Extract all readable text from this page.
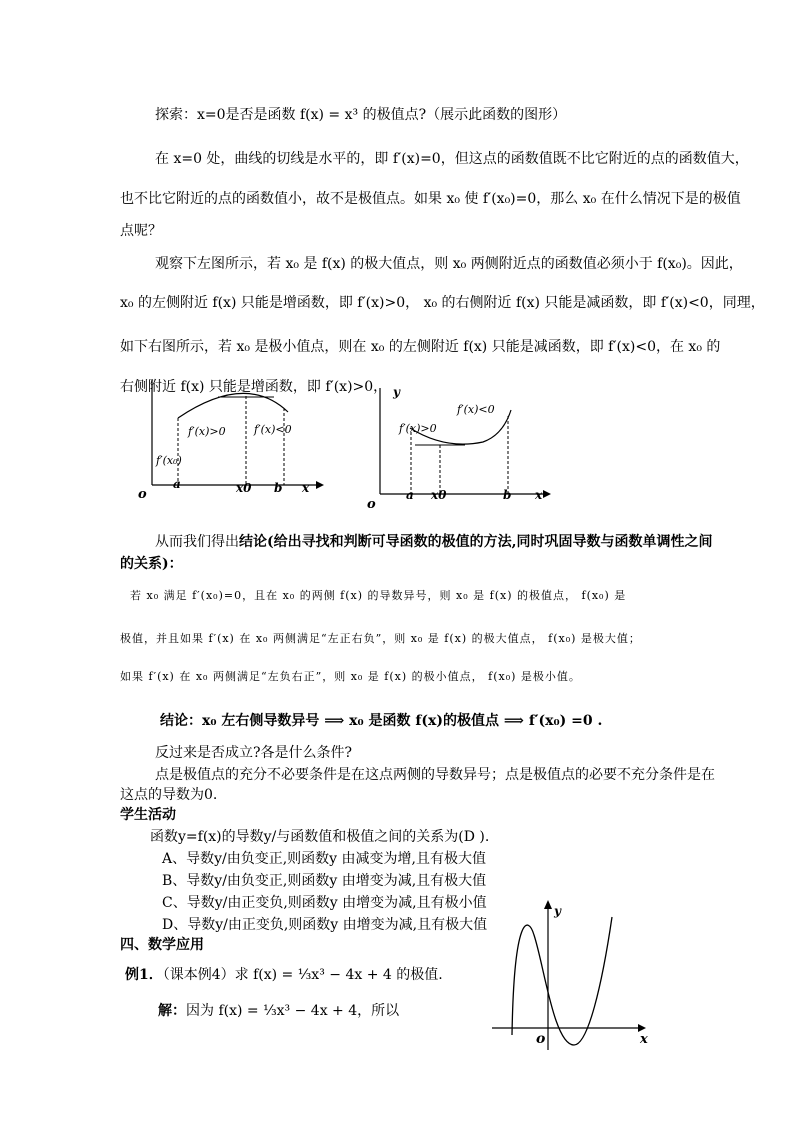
探索：x=0是否是函数 f(x) = x³ 的极值点?（展示此函数的图形）
在 x=0 处，曲线的切线是水平的，即 f′(x)=0，但这点的函数值既不比它附近的点的函数值大，
也不比它附近的点的函数值小，故不是极值点。如果 x₀ 使 f′(x₀)=0，那么 x₀ 在什么情况下是的极值
点呢？
观察下左图所示，若 x₀ 是 f(x) 的极大值点，则 x₀ 两侧附近点的函数值必须小于 f(x₀)。因此，
x₀ 的左侧附近 f(x) 只能是增函数，即 f′(x)>0， x₀ 的右侧附近 f(x) 只能是减函数，即 f′(x)<0，同理，
如下右图所示，若 x₀ 是极小值点，则在 x₀ 的左侧附近 f(x) 只能是减函数，即 f′(x)<0，在 x₀ 的
右侧附近 f(x) 只能是增函数，即 f′(x)>0，
f′(x)>0	f′(x)<0
f′(x₀)
o
a	x0 b x
y
f′(x)>0
f′(x)<0
o
a x0	b x
从而我们得出结论(给出寻找和判断可导函数的极值的方法,同时巩固导数与函数单调性之间
的关系)：
若 x₀ 满足 f′(x₀)=0，且在 x₀ 的两侧 f(x) 的导数异号，则 x₀ 是 f(x) 的极值点， f(x₀) 是
极值，并且如果 f′(x) 在 x₀ 两侧满足“左正右负”，则 x₀ 是 f(x) 的极大值点， f(x₀) 是极大值；
如果 f′(x) 在 x₀ 两侧满足“左负右正”，则 x₀ 是 f(x) 的极小值点， f(x₀) 是极小值。
结论：x₀ 左右侧导数异号 ⟹ x₀ 是函数 f(x)的极值点 ⟹ f′(x₀) =0 .
反过来是否成立?各是什么条件?
点是极值点的充分不必要条件是在这点两侧的导数异号；点是极值点的必要不充分条件是在
这点的导数为0.
学生活动
函数y=f(x)的导数y/与函数值和极值之间的关系为(D ).
A、导数y/由负变正,则函数y 由减变为增,且有极大值
B、导数y/由负变正,则函数y 由增变为减,且有极大值
C、导数y/由正变负,则函数y 由增变为减,且有极小值
D、导数y/由正变负,则函数y 由增变为减,且有极大值
四、数学应用
例1．（课本例4）求 f(x) = ⅓x³ − 4x + 4 的极值.
解：因为 f(x) = ⅓x³ − 4x + 4，所以
y
o	x
